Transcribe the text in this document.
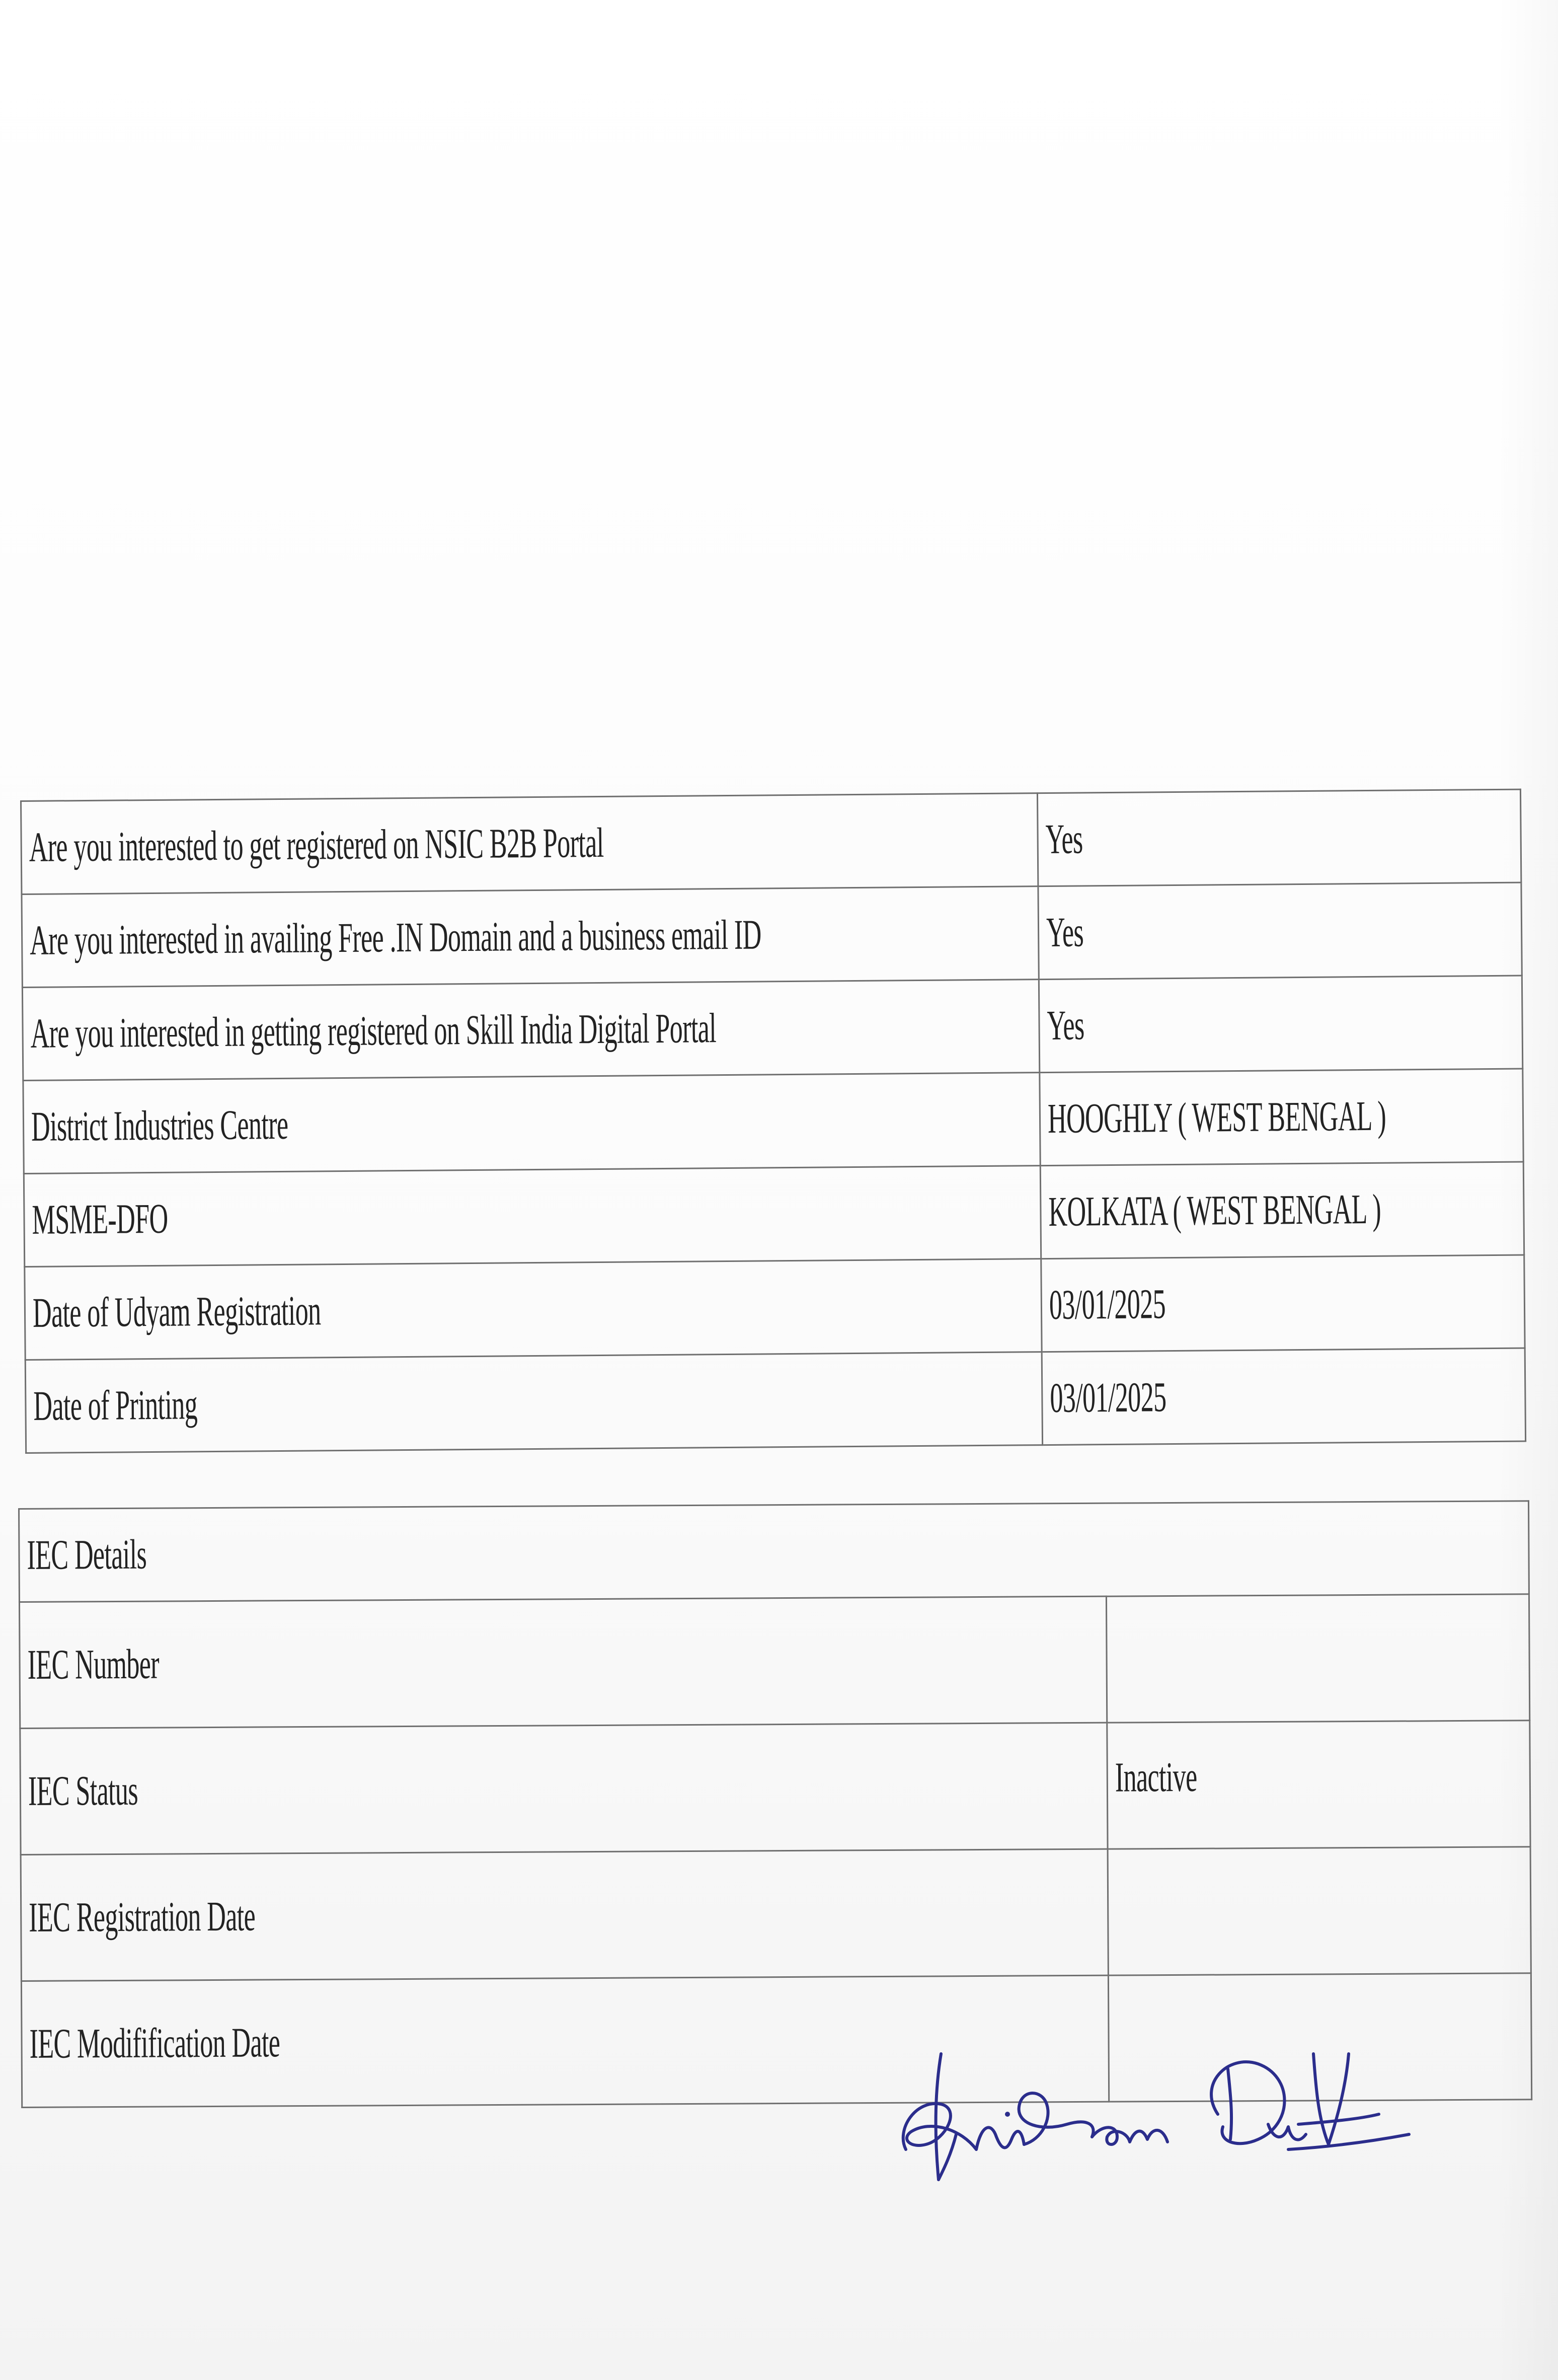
Are you interested to get registered on NSIC B2B Portal	Yes
Are you interested in availing Free .IN Domain and a business email ID	Yes
Are you interested in getting registered on Skill India Digital Portal	Yes
District Industries Centre	HOOGHLY ( WEST BENGAL )
MSME-DFO	KOLKATA ( WEST BENGAL )
Date of Udyam Registration	03/01/2025
Date of Printing	03/01/2025
IEC Details	
IEC Number	
IEC Status	Inactive
IEC Registration Date	
IEC Modifification Date	
